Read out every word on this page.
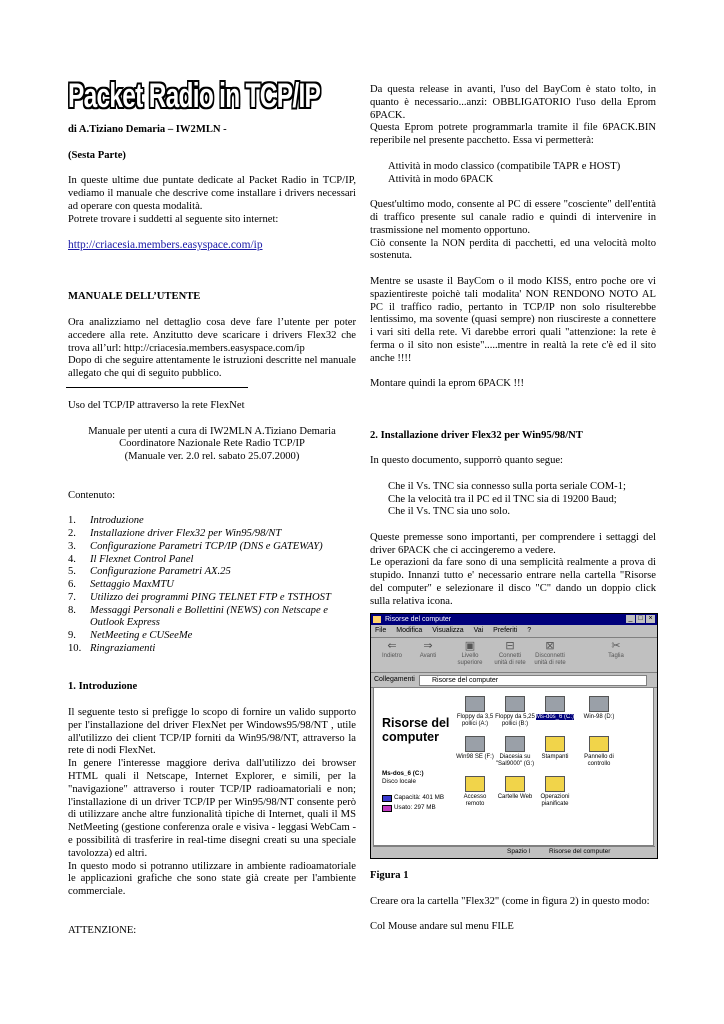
Packet Radio in TCP/IP

di A.Tiziano Demaria – IW2MLN -

(Sesta Parte)

In queste ultime due puntate dedicate al Packet Radio in TCP/IP, vediamo il manuale che descrive come installare i drivers necessari ad operare con questa modalità.

Potrete trovare i suddetti al seguente sito internet:

http://criacesia.members.easyspace.com/ip

MANUALE DELL’UTENTE

Ora analizziamo nel dettaglio cosa deve fare l’utente per poter accedere alla rete. Anzitutto deve scaricare i drivers Flex32 che trova all’url: http://criacesia.members.easyspace.com/ip

Dopo di che seguire attentamente le istruzioni descritte nel manuale allegato che qui di seguito pubblico.

Uso del TCP/IP attraverso la rete FlexNet

Manuale per utenti a cura di IW2MLN A.Tiziano Demaria

Coordinatore Nazionale Rete Radio TCP/IP

(Manuale ver. 2.0 rel. sabato 25.07.2000)

Contenuto:

1. Introduzione
2. Installazione driver Flex32 per Win95/98/NT
3. Configurazione Parametri TCP/IP (DNS e GATEWAY)
4. Il Flexnet Control Panel
5. Configurazione Parametri AX.25
6. Settaggio MaxMTU
7. Utilizzo dei programmi PING TELNET FTP e TSTHOST
8. Messaggi Personali e Bollettini (NEWS) con Netscape e Outlook Express
9. NetMeeting e CUSeeMe
10. Ringraziamenti

1. Introduzione

Il seguente testo si prefigge lo scopo di fornire un valido supporto per l'installazione del driver FlexNet per Windows95/98/NT , utile all'utilizzo dei client TCP/IP forniti da Win95/98/NT, attraverso la rete di nodi FlexNet.

In genere l'interesse maggiore deriva dall'utilizzo dei browser HTML quali il Netscape, Internet Explorer, e simili, per la "navigazione" attraverso i router TCP/IP radioamatoriali e non; l'installazione di un driver TCP/IP per Win95/98/NT consente però di utilizzare anche altre funzionalità tipiche di Internet, quali il MS NetMeeting (gestione conferenza orale e visiva - leggasi WebCam - e possibilità di trasferire in real-time disegni creati su una speciale tavolozza) ed altri.

In questo modo si potranno utilizzare in ambiente radioamatoriale le applicazioni grafiche che sono state già create per l'ambiente commerciale.

ATTENZIONE:

Da questa release in avanti, l'uso del BayCom è stato tolto, in quanto è necessario...anzi: OBBLIGATORIO l'uso della Eprom 6PACK.

Questa Eprom potrete programmarla tramite il file 6PACK.BIN reperibile nel presente pacchetto. Essa vi permetterà:

Attività in modo classico (compatibile TAPR e HOST)

Attività in modo 6PACK

Quest'ultimo modo, consente al PC di essere "cosciente" dell'entità di traffico presente sul canale radio e quindi di intervenire in trasmissione nel momento opportuno.

Ciò consente la NON perdita di pacchetti, ed una velocità molto sostenuta.

Mentre se usaste il BayCom o il modo KISS, entro poche ore vi spazientireste poichè tali modalita' NON RENDONO NOTO AL PC il traffico radio, pertanto in TCP/IP non solo risulterebbe lentissimo, ma sovente (quasi sempre) non riuscireste a connettere i vari siti della rete. Vi darebbe errori quali "attenzione: la rete è ferma o il sito non esiste".....mentre in realtà la rete c'è ed il sito anche !!!!

Montare quindi la eprom 6PACK !!!

2. Installazione driver Flex32 per Win95/98/NT

In questo documento, supporrò quanto segue:

Che il Vs. TNC sia connesso sulla porta seriale COM-1;

Che la velocità tra il PC ed il TNC sia di 19200 Baud;

Che il Vs. TNC sia uno solo.

Queste premesse sono importanti, per comprendere i settaggi del driver 6PACK che ci accingeremo a vedere.

Le operazioni da fare sono di una semplicità realmente a prova di stupido. Innanzi tutto e' necessario entrare nella cartella "Risorse del computer" e selezionare il disco "C" dando un doppio click sulla relativa icona.

Risorse del computer	_ □ ×
File Modifica Visualizza Vai Preferiti ?
⇐
Indietro
⇒
Avanti
▣
Livello superiore
⊟
Connetti unità di rete
⊠
Disconnetti unità di rete
✂
Taglia
Collegamenti	Risorse del computer
Risorse del computer
Ms-dos_6 (C:)
Disco locale
Capacità: 401 MB
Usato: 297 MB
Floppy da 3,5 pollici (A:)
Floppy da 5,25 pollici (B:)
Ms-dos_6 (C:)	Win-98 (D:)
Win98 SE (F:) Diacesia su "Sal9000" (G:)
Stampanti	Pannello di controllo
Accesso remoto
Cartelle Web	Operazioni pianificate
Spazio l	Risorse del computer

Figura 1

Creare ora la cartella "Flex32" (come in figura 2) in questo modo:

Col Mouse andare sul menu FILE
